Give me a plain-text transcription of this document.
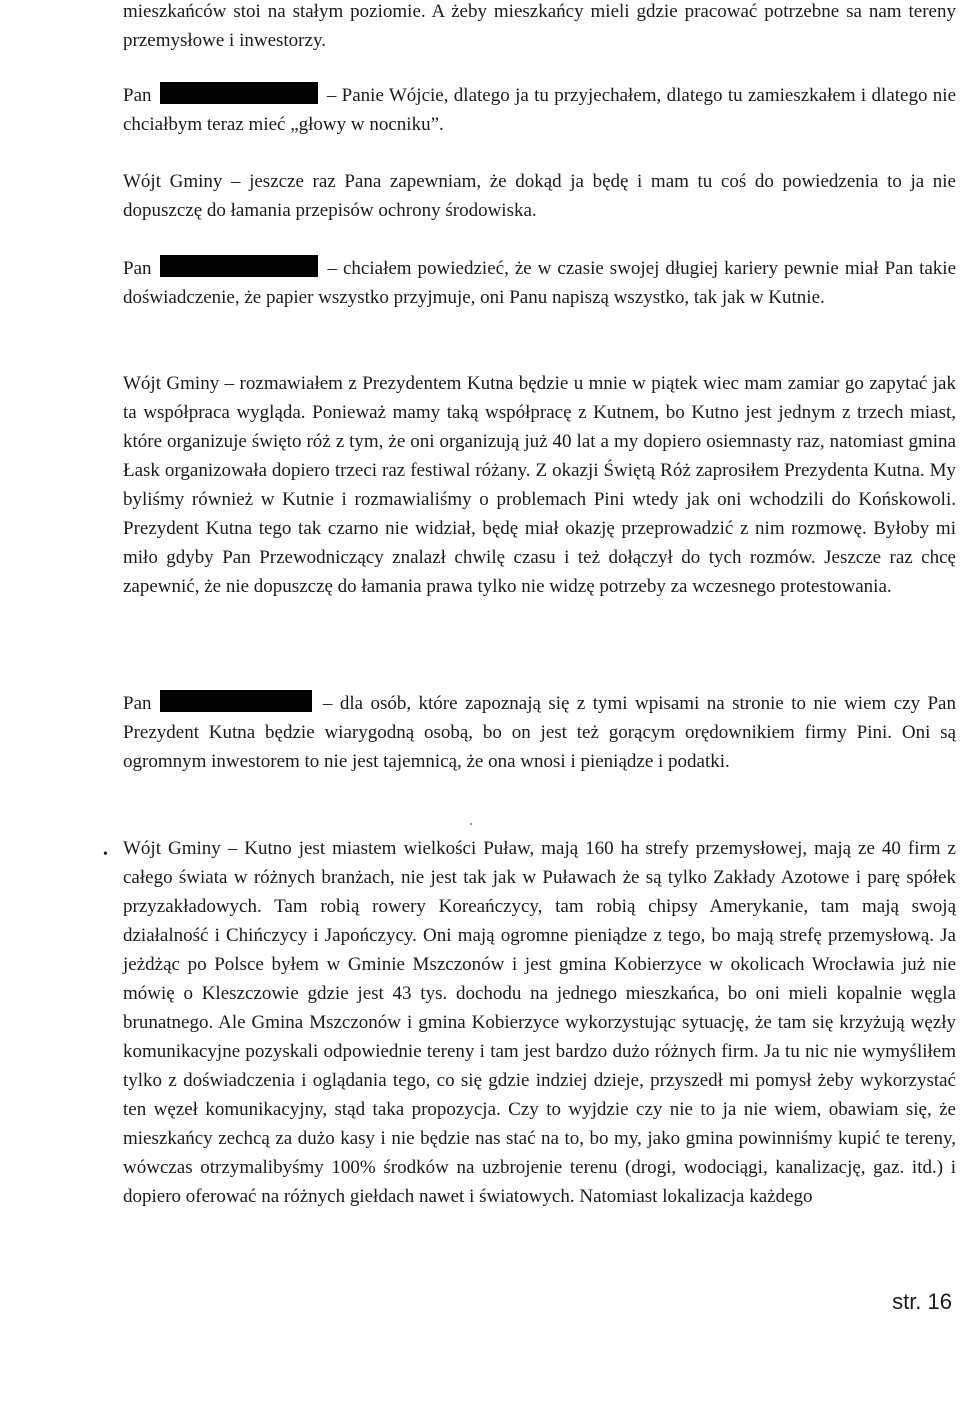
mieszkańców stoi na stałym poziomie. A żeby mieszkańcy mieli gdzie pracować potrzebne sa nam tereny przemysłowe i inwestorzy.

Pan	– Panie Wójcie, dlatego ja tu przyjechałem, dlatego tu zamieszkałem i dlatego nie chciałbym teraz mieć „głowy w nocniku”.

Wójt Gminy – jeszcze raz Pana zapewniam, że dokąd ja będę i mam tu coś do powiedzenia to ja nie dopuszczę do łamania przepisów ochrony środowiska.

Pan	– chciałem powiedzieć, że w czasie swojej długiej kariery pewnie miał Pan takie doświadczenie, że papier wszystko przyjmuje, oni Panu napiszą wszystko, tak jak w Kutnie.

Wójt Gminy – rozmawiałem z Prezydentem Kutna będzie u mnie w piątek wiec mam zamiar go zapytać jak ta współpraca wygląda. Ponieważ mamy taką współpracę z Kutnem, bo Kutno jest jednym z trzech miast, które organizuje święto róż z tym, że oni organizują już 40 lat a my dopiero osiemnasty raz, natomiast gmina Łask organizowała dopiero trzeci raz festiwal różany. Z okazji Świętą Róż zaprosiłem Prezydenta Kutna. My byliśmy również w Kutnie i rozmawialiśmy o problemach Pini wtedy jak oni wchodzili do Końskowoli. Prezydent Kutna tego tak czarno nie widział, będę miał okazję przeprowadzić z nim rozmowę. Byłoby mi miło gdyby Pan Przewodniczący znalazł chwilę czasu i też dołączył do tych rozmów. Jeszcze raz chcę zapewnić, że nie dopuszczę do łamania prawa tylko nie widzę potrzeby za wczesnego protestowania.

Pan	– dla osób, które zapoznają się z tymi wpisami na stronie to nie wiem czy Pan Prezydent Kutna będzie wiarygodną osobą, bo on jest też gorącym orędownikiem firmy Pini. Oni są ogromnym inwestorem to nie jest tajemnicą, że ona wnosi i pieniądze i podatki.

• Wójt Gminy – Kutno jest miastem wielkości Puław, mają 160 ha strefy przemysłowej, mają ze 40 firm z całego świata w różnych branżach, nie jest tak jak w Puławach że są tylko Zakłady Azotowe i parę spółek przyzakładowych. Tam robią rowery Koreańczycy, tam robią chipsy Amerykanie, tam mają swoją działalność i Chińczycy i Japończycy. Oni mają ogromne pieniądze z tego, bo mają strefę przemysłową. Ja jeżdżąc po Polsce byłem w Gminie Mszczonów i jest gmina Kobierzyce w okolicach Wrocławia już nie mówię o Kleszczowie gdzie jest 43 tys. dochodu na jednego mieszkańca, bo oni mieli kopalnie węgla brunatnego. Ale Gmina Mszczonów i gmina Kobierzyce wykorzystując sytuację, że tam się krzyżują węzły komunikacyjne pozyskali odpowiednie tereny i tam jest bardzo dużo różnych firm. Ja tu nic nie wymyśliłem tylko z doświadczenia i oglądania tego, co się gdzie indziej dzieje, przyszedł mi pomysł żeby wykorzystać ten węzeł komunikacyjny, stąd taka propozycja. Czy to wyjdzie czy nie to ja nie wiem, obawiam się, że mieszkańcy zechcą za dużo kasy i nie będzie nas stać na to, bo my, jako gmina powinniśmy kupić te tereny, wówczas otrzymalibyśmy 100% środków na uzbrojenie terenu (drogi, wodociągi, kanalizację, gaz. itd.) i dopiero oferować na różnych giełdach nawet i światowych. Natomiast lokalizacja każdego

str. 16
